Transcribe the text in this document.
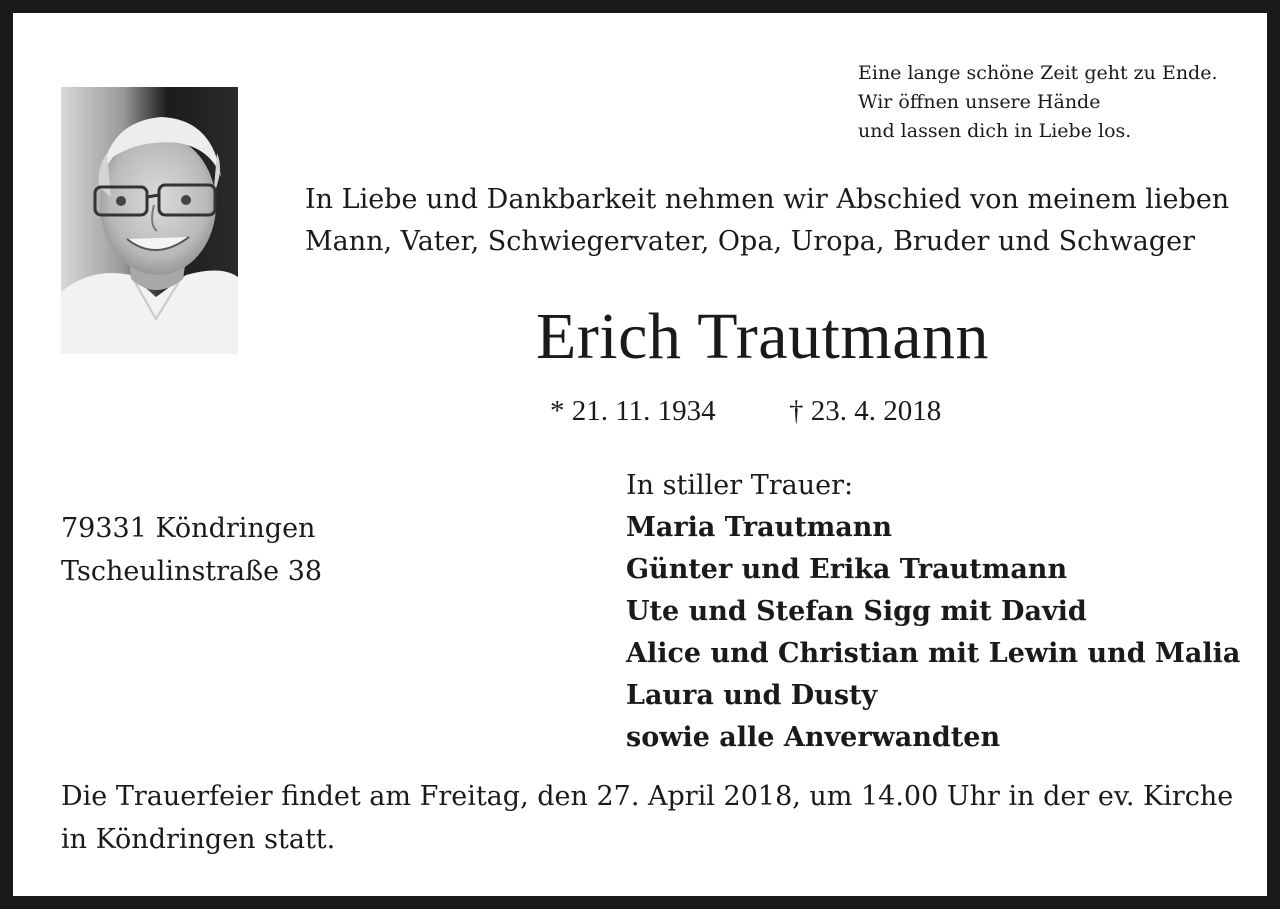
Eine lange schöne Zeit geht zu Ende.
Wir öffnen unsere Hände
und lassen dich in Liebe los.
In Liebe und Dankbarkeit nehmen wir Abschied von meinem lieben
Mann, Vater, Schwiegervater, Opa, Uropa, Bruder und Schwager
Erich Trautmann
* 21. 11. 1934	† 23. 4. 2018
79331 Köndringen
Tscheulinstraße 38
In stiller Trauer:
Maria Trautmann
Günter und Erika Trautmann
Ute und Stefan Sigg mit David
Alice und Christian mit Lewin und Malia
Laura und Dusty
sowie alle Anverwandten
Die Trauerfeier findet am Freitag, den 27. April 2018, um 14.00 Uhr in der ev. Kirche
in Köndringen statt.
